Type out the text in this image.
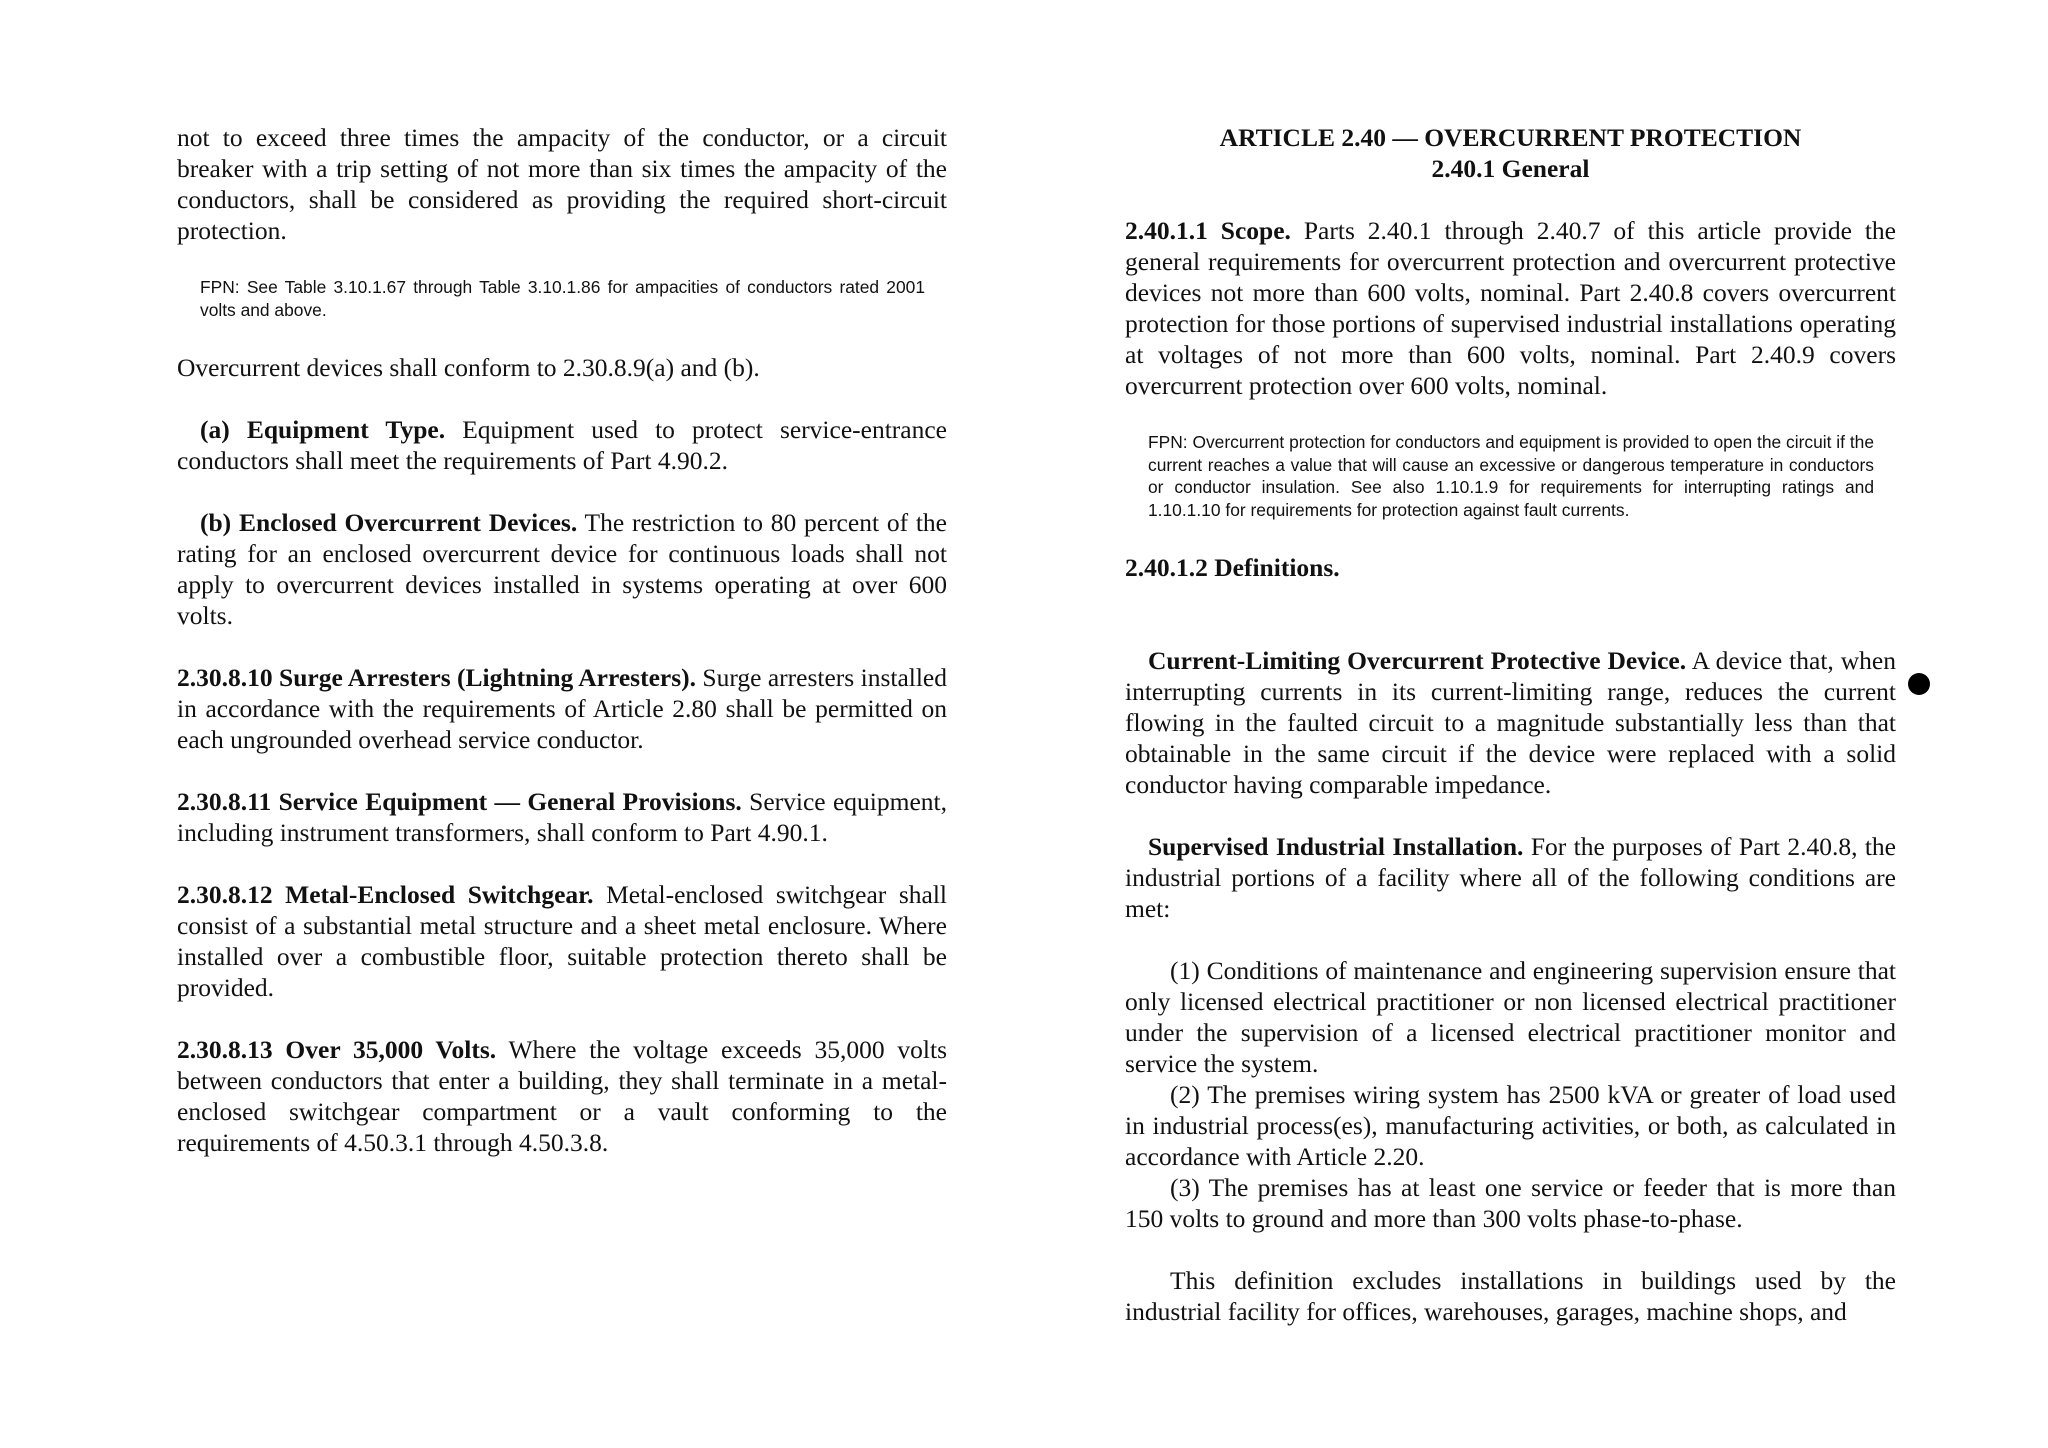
not to exceed three times the ampacity of the conductor, or a circuit breaker with a trip setting of not more than six times the ampacity of the conductors, shall be considered as providing the required short-circuit protection.

FPN: See Table 3.10.1.67 through Table 3.10.1.86 for ampacities of conductors rated 2001 volts and above.

Overcurrent devices shall conform to 2.30.8.9(a) and (b).

(a) Equipment Type. Equipment used to protect service-entrance conductors shall meet the requirements of Part 4.90.2.

(b) Enclosed Overcurrent Devices. The restriction to 80 percent of the rating for an enclosed overcurrent device for continuous loads shall not apply to overcurrent devices installed in systems operating at over 600 volts.

2.30.8.10 Surge Arresters (Lightning Arresters). Surge arresters installed in accordance with the requirements of Article 2.80 shall be permitted on each ungrounded overhead service conductor.

2.30.8.11 Service Equipment — General Provisions. Service equipment, including instrument transformers, shall conform to Part 4.90.1.

2.30.8.12 Metal-Enclosed Switchgear. Metal-enclosed switchgear shall consist of a substantial metal structure and a sheet metal enclosure. Where installed over a combustible floor, suitable protection thereto shall be provided.

2.30.8.13 Over 35,000 Volts. Where the voltage exceeds 35,000 volts between conductors that enter a building, they shall terminate in a metal-enclosed switchgear compartment or a vault conforming to the requirements of 4.50.3.1 through 4.50.3.8.

ARTICLE 2.40 — OVERCURRENT PROTECTION

2.40.1 General

2.40.1.1 Scope. Parts 2.40.1 through 2.40.7 of this article provide the general requirements for overcurrent protection and overcurrent protective devices not more than 600 volts, nominal. Part 2.40.8 covers overcurrent protection for those portions of supervised industrial installations operating at voltages of not more than 600 volts, nominal. Part 2.40.9 covers overcurrent protection over 600 volts, nominal.

FPN: Overcurrent protection for conductors and equipment is provided to open the circuit if the current reaches a value that will cause an excessive or dangerous temperature in conductors or conductor insulation. See also 1.10.1.9 for requirements for interrupting ratings and 1.10.1.10 for requirements for protection against fault currents.

2.40.1.2 Definitions.

Current-Limiting Overcurrent Protective Device. A device that, when interrupting currents in its current-limiting range, reduces the current flowing in the faulted circuit to a magnitude substantially less than that obtainable in the same circuit if the device were replaced with a solid conductor having comparable impedance.

Supervised Industrial Installation. For the purposes of Part 2.40.8, the industrial portions of a facility where all of the following conditions are met:

(1) Conditions of maintenance and engineering supervision ensure that only licensed electrical practitioner or non licensed electrical practitioner under the supervision of a licensed electrical practitioner monitor and service the system.

(2) The premises wiring system has 2500 kVA or greater of load used in industrial process(es), manufacturing activities, or both, as calculated in accordance with Article 2.20.

(3) The premises has at least one service or feeder that is more than 150 volts to ground and more than 300 volts phase-to-phase.

This definition excludes installations in buildings used by the industrial facility for offices, warehouses, garages, machine shops, and
